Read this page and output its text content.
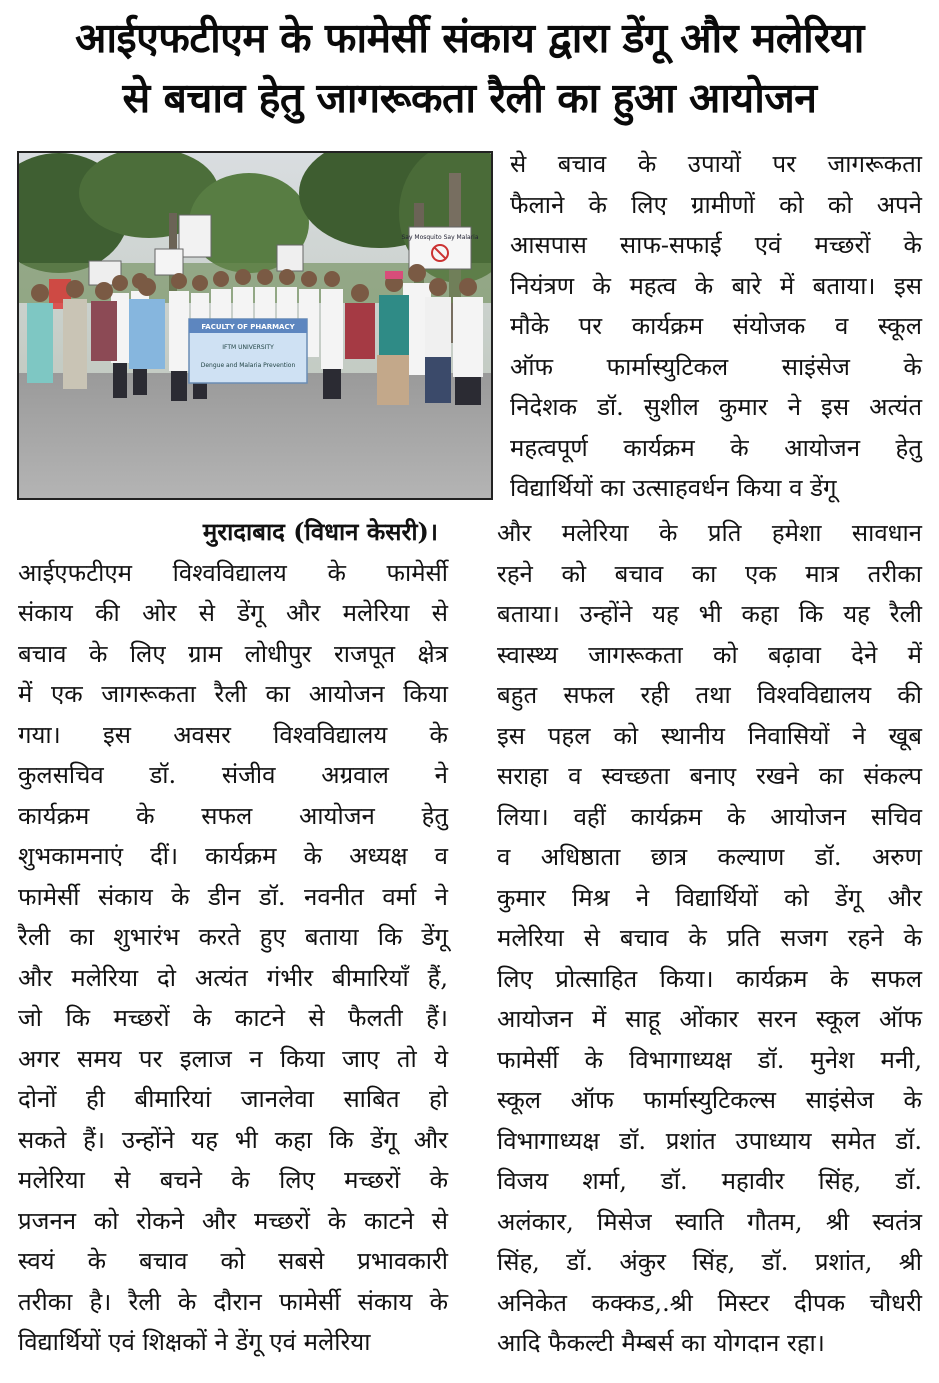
आईएफटीएम के फामेर्सी संकाय द्वारा डेंगू और मलेरिया
से बचाव हेतु जागरूकता रैली का हुआ आयोजन
Say Mosquito Say Malaria
FACULTY OF PHARMACY
IFTM UNIVERSITY
Dengue and Malaria Prevention
से बचाव के उपायों पर जागरूकता
फैलाने के लिए ग्रामीणों को को अपने
आसपास साफ-सफाई एवं मच्छरों के
नियंत्रण के महत्व के बारे में बताया। इस
मौके पर कार्यक्रम संयोजक व स्कूल
ऑफ फार्मास्युटिकल साइंसेज के
निदेशक डॉ. सुशील कुमार ने इस अत्यंत
महत्वपूर्ण कार्यक्रम के आयोजन हेतु
विद्यार्थियों का उत्साहवर्धन किया व डेंगू
मुरादाबाद (विधान केसरी)।
आईएफटीएम विश्वविद्यालय के फामेर्सी
संकाय की ओर से डेंगू और मलेरिया से
बचाव के लिए ग्राम लोधीपुर राजपूत क्षेत्र
में एक जागरूकता रैली का आयोजन किया
गया। इस अवसर विश्वविद्यालय के
कुलसचिव डॉ. संजीव अग्रवाल ने
कार्यक्रम के सफल आयोजन हेतु
शुभकामनाएं दीं। कार्यक्रम के अध्यक्ष व
फामेर्सी संकाय के डीन डॉ. नवनीत वर्मा ने
रैली का शुभारंभ करते हुए बताया कि डेंगू
और मलेरिया दो अत्यंत गंभीर बीमारियाँ हैं,
जो कि मच्छरों के काटने से फैलती हैं।
अगर समय पर इलाज न किया जाए तो ये
दोनों ही बीमारियां जानलेवा साबित हो
सकते हैं। उन्होंने यह भी कहा कि डेंगू और
मलेरिया से बचने के लिए मच्छरों के
प्रजनन को रोकने और मच्छरों के काटने से
स्वयं के बचाव को सबसे प्रभावकारी
तरीका है। रैली के दौरान फामेर्सी संकाय के
विद्यार्थियों एवं शिक्षकों ने डेंगू एवं मलेरिया
और मलेरिया के प्रति हमेशा सावधान
रहने को बचाव का एक मात्र तरीका
बताया। उन्होंने यह भी कहा कि यह रैली
स्वास्थ्य जागरूकता को बढ़ावा देने में
बहुत सफल रही तथा विश्वविद्यालय की
इस पहल को स्थानीय निवासियों ने खूब
सराहा व स्वच्छता बनाए रखने का संकल्प
लिया। वहीं कार्यक्रम के आयोजन सचिव
व अधिष्ठाता छात्र कल्याण डॉ. अरुण
कुमार मिश्र ने विद्यार्थियों को डेंगू और
मलेरिया से बचाव के प्रति सजग रहने के
लिए प्रोत्साहित किया। कार्यक्रम के सफल
आयोजन में साहू ओंकार सरन स्कूल ऑफ
फामेर्सी के विभागाध्यक्ष डॉ. मुनेश मनी,
स्कूल ऑफ फार्मास्युटिकल्स साइंसेज के
विभागाध्यक्ष डॉ. प्रशांत उपाध्याय समेत डॉ.
विजय शर्मा, डॉ. महावीर सिंह, डॉ.
अलंकार, मिसेज स्वाति गौतम, श्री स्वतंत्र
सिंह, डॉ. अंकुर सिंह, डॉ. प्रशांत, श्री
अनिकेत कक्कड,.श्री मिस्टर दीपक चौधरी
आदि फैकल्टी मैम्बर्स का योगदान रहा।
